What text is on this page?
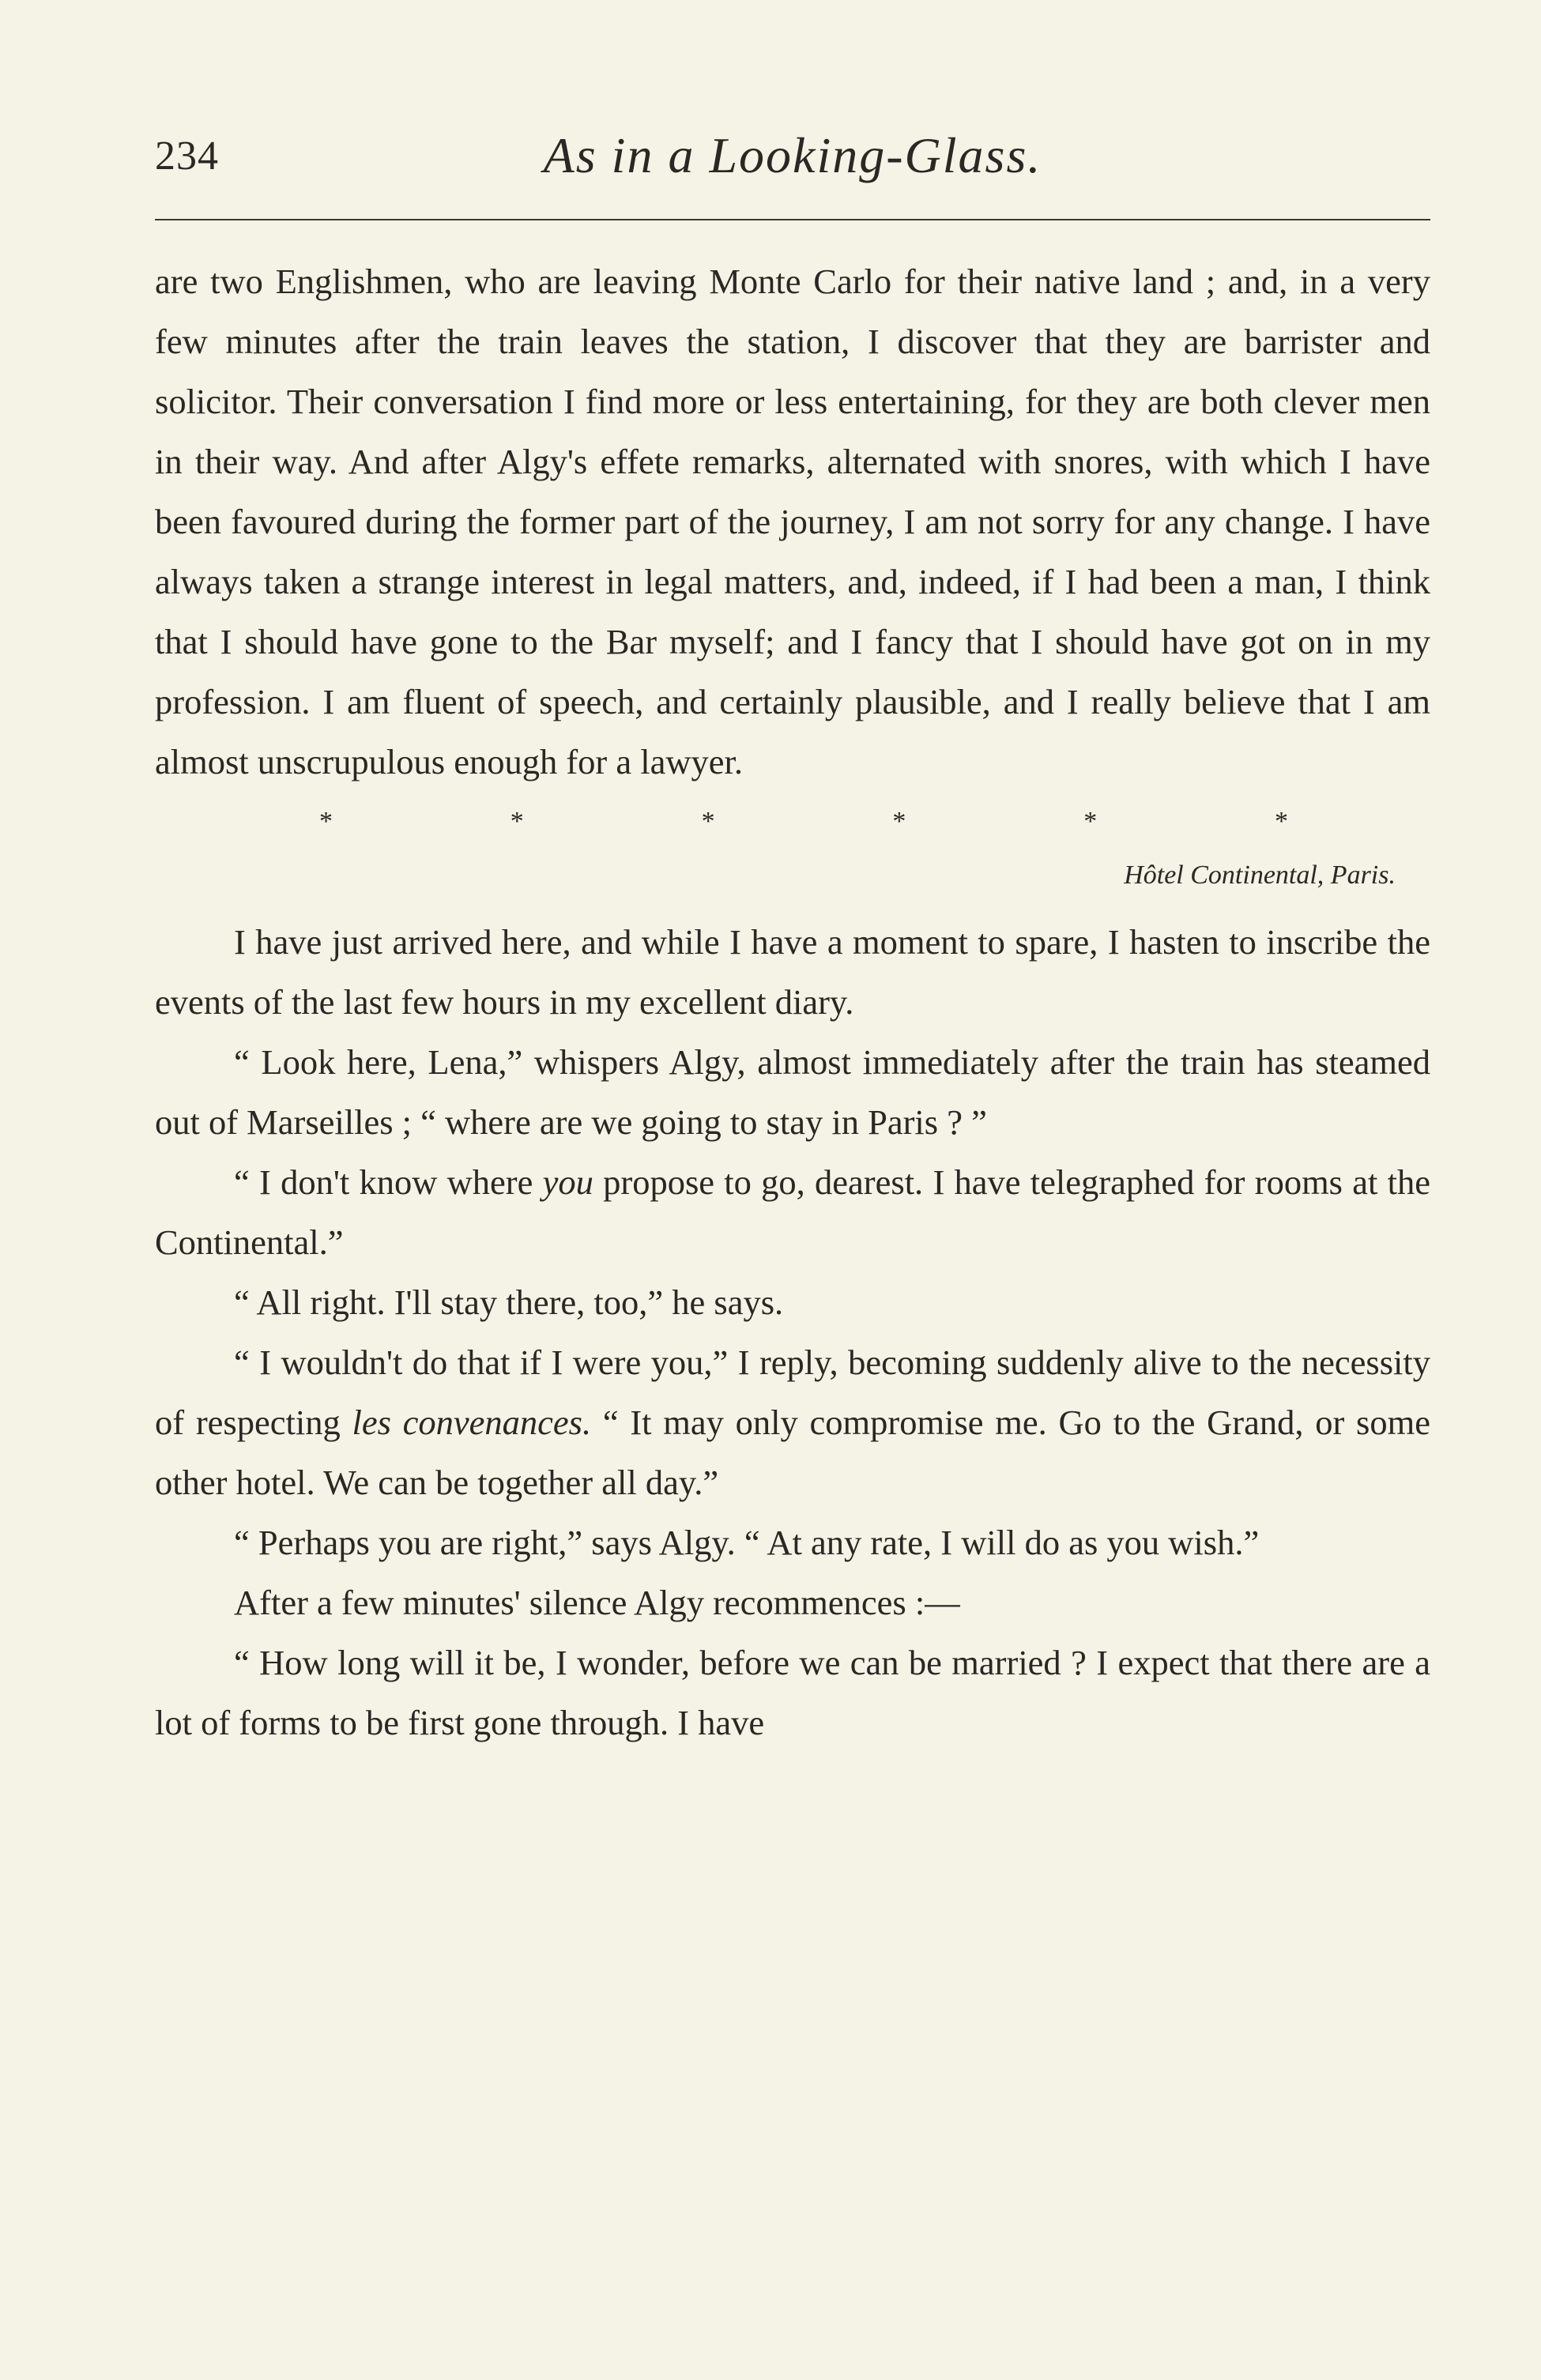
234	As in a Looking-Glass.

are two Englishmen, who are leaving Monte Carlo for their native land ; and, in a very few minutes after the train leaves the station, I discover that they are barrister and solicitor. Their conversation I find more or less entertaining, for they are both clever men in their way. And after Algy's effete remarks, alternated with snores, with which I have been favoured during the former part of the journey, I am not sorry for any change. I have always taken a strange interest in legal matters, and, indeed, if I had been a man, I think that I should have gone to the Bar myself; and I fancy that I should have got on in my profession. I am fluent of speech, and certainly plausible, and I really believe that I am almost unscrupulous enough for a lawyer.

*	*	*	*	*	*
Hôtel Continental, Paris.

I have just arrived here, and while I have a moment to spare, I hasten to inscribe the events of the last few hours in my excellent diary.

“ Look here, Lena,” whispers Algy, almost immediately after the train has steamed out of Marseilles ; “ where are we going to stay in Paris ? ”

“ I don't know where you propose to go, dearest. I have telegraphed for rooms at the Continental.”

“ All right. I'll stay there, too,” he says.

“ I wouldn't do that if I were you,” I reply, becoming suddenly alive to the necessity of respecting les convenances. “ It may only compromise me. Go to the Grand, or some other hotel. We can be together all day.”

“ Perhaps you are right,” says Algy. “ At any rate, I will do as you wish.”

After a few minutes' silence Algy recommences :—

“ How long will it be, I wonder, before we can be married ? I expect that there are a lot of forms to be first gone through. I have
